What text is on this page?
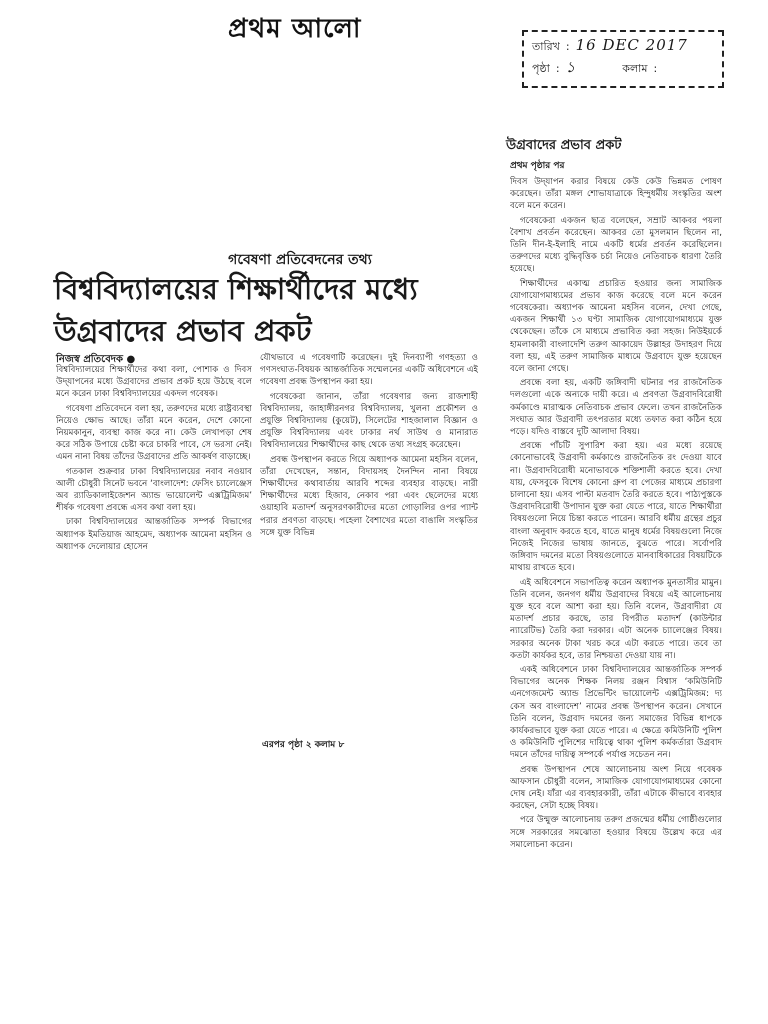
প্রথম আলো
তারিখ : 16 DEC 2017
পৃষ্ঠা : ১	কলাম :
গবেষণা প্রতিবেদনের তথ্য
বিশ্ববিদ্যালয়ের শিক্ষার্থীদের মধ্যে উগ্রবাদের প্রভাব প্রকট
নিজস্ব প্রতিবেদক ●

বিশ্ববিদ্যালয়ের শিক্ষার্থীদের কথা বলা, পোশাক ও দিবস উদ্‌যাপনের মধ্যে উগ্রবাদের প্রভাব প্রকট হয়ে উঠছে বলে মনে করেন ঢাকা বিশ্ববিদ্যালয়ের একদল গবেষক।

গবেষণা প্রতিবেদনে বলা হয়, তরুণদের মধ্যে রাষ্ট্রব্যবস্থা নিয়েও ক্ষোভ আছে। তাঁরা মনে করেন, দেশে কোনো নিয়মকানুন, ব্যবস্থা কাজ করে না। কেউ লেখাপড়া শেষ করে সঠিক উপায়ে চেষ্টা করে চাকরি পাবে, সে ভরসা নেই। এমন নানা বিষয় তাঁদের উগ্রবাদের প্রতি আকর্ষণ বাড়াচ্ছে।

গতকাল শুক্রবার ঢাকা বিশ্ববিদ্যালয়ের নবাব নওয়াব আলী চৌধুরী সিনেট ভবনে ‘বাংলাদেশ: ফেসিং চ্যালেঞ্জেস অব র‍্যাডিকালাইজেশন অ্যান্ড ভায়োলেন্ট এক্সট্রিমিজম’ শীর্ষক গবেষণা প্রবন্ধে এসব কথা বলা হয়।

ঢাকা বিশ্ববিদ্যালয়ের আন্তর্জাতিক সম্পর্ক বিভাগের অধ্যাপক ইমতিয়াজ আহমেদ, অধ্যাপক আমেনা মহসিন ও অধ্যাপক দেলোয়ার হোসেন

যৌথভাবে এ গবেষণাটি করেছেন। দুই দিনব্যাপী গণহত্যা ও গণসংঘাত-বিষয়ক আন্তর্জাতিক সম্মেলনের একটি অধিবেশনে এই গবেষণা প্রবন্ধ উপস্থাপন করা হয়।

গবেষকেরা জানান, তাঁরা গবেষণার জন্য রাজশাহী বিশ্ববিদ্যালয়, জাহাঙ্গীরনগর বিশ্ববিদ্যালয়, খুলনা প্রকৌশল ও প্রযুক্তি বিশ্ববিদ্যালয় (কুয়েট), সিলেটের শাহজালাল বিজ্ঞান ও প্রযুক্তি বিশ্ববিদ্যালয় এবং ঢাকার নর্থ সাউথ ও মানারাত বিশ্ববিদ্যালয়ের শিক্ষার্থীদের কাছ থেকে তথ্য সংগ্রহ করেছেন।

প্রবন্ধ উপস্থাপন করতে গিয়ে অধ্যাপক আমেনা মহসিন বলেন, তাঁরা দেখেছেন, সন্তান, বিদায়সহ দৈনন্দিন নানা বিষয়ে শিক্ষার্থীদের কথাবার্তায় আরবি শব্দের ব্যবহার বাড়ছে। নারী শিক্ষার্থীদের মধ্যে হিজাব, নেকাব পরা এবং ছেলেদের মধ্যে ওয়াহাবি মতাদর্শ অনুসরণকারীদের মতো গোড়ালির ওপর প্যান্ট পরার প্রবণতা বাড়ছে। পহেলা বৈশাখের মতো বাঙালি সংস্কৃতির সঙ্গে যুক্ত বিভিন্ন

এরপর পৃষ্ঠা ২ কলাম ৮
উগ্রবাদের প্রভাব প্রকট
প্রথম পৃষ্ঠার পর

দিবস উদ্‌যাপন করার বিষয়ে কেউ কেউ ভিন্নমত পোষণ করেছেন। তাঁরা মঙ্গল শোভাযাত্রাকে হিন্দুধর্মীয় সংস্কৃতির অংশ বলে মনে করেন।

গবেষকেরা একজন ছাত্র বলেছেন, সম্রাট আকবর পয়লা বৈশাখ প্রবর্তন করেছেন। আকবর তো মুসলমান ছিলেন না, তিনি দীন-ই-ইলাহি নামে একটি ধর্মের প্রবর্তন করেছিলেন। তরুণদের মধ্যে বুদ্ধিবৃত্তিক চর্চা নিয়েও নেতিবাচক ধারণা তৈরি হয়েছে।

শিক্ষার্থীদের একাত্ম প্রচারিত হওয়ার জন্য সামাজিক যোগাযোগমাধ্যমের প্রভাব কাজ করেছে বলে মনে করেন গবেষকেরা। অধ্যাপক আমেনা মহসিন বলেন, দেখা গেছে, একজন শিক্ষার্থী ১৩ ঘণ্টা সামাজিক যোগাযোগমাধ্যমে যুক্ত থেকেছেন। তাঁকে সে মাধ্যমে প্রভাবিত করা সহজ। নিউইয়র্কে হামলাকারী বাংলাদেশি তরুণ আকায়েদ উল্লাহর উদাহরণ দিয়ে বলা হয়, এই তরুণ সামাজিক মাধ্যমে উগ্রবাদে যুক্ত হয়েছেন বলে জানা গেছে।

প্রবন্ধে বলা হয়, একটি জঙ্গিবাদী ঘটনার পর রাজনৈতিক দলগুলো একে অন্যকে দায়ী করে। এ প্রবণতা উগ্রবাদবিরোধী কর্মকাণ্ডে মারাত্মক নেতিবাচক প্রভাব ফেলে। তখন রাজনৈতিক সংঘাত আর উগ্রবাদী তৎপরতার মধ্যে তফাত করা কঠিন হয়ে পড়ে। যদিও বাস্তবে দুটি আলাদা বিষয়।

প্রবন্ধে পাঁচটি সুপারিশ করা হয়। এর মধ্যে রয়েছে কোনোভাবেই উগ্রবাদী কর্মকাণ্ডে রাজনৈতিক রং দেওয়া যাবে না। উগ্রবাদবিরোধী মনোভাবকে শক্তিশালী করতে হবে। দেখা যায়, ফেসবুকে বিশেষ কোনো গ্রুপ বা পেজের মাধ্যমে প্রচারণা চালানো হয়। এসব পাল্টা মতবাদ তৈরি করতে হবে। পাঠ্যপুস্তকে উগ্রবাদবিরোধী উপাদান যুক্ত করা যেতে পারে, যাতে শিক্ষার্থীরা বিষয়গুলো নিয়ে চিন্তা করতে পারেন। আরবি ধর্মীয় গ্রন্থের প্রচুর বাংলা অনুবাদ করতে হবে, যাতে মানুষ ধর্মের বিষয়গুলো নিজে নিজেই নিজের ভাষায় জানতে, বুঝতে পারে। সর্বোপরি জঙ্গিবাদ দমনের মতো বিষয়গুলোতে মানবাধিকারের বিষয়টিকে মাথায় রাখতে হবে।

এই অধিবেশনে সভাপতিত্ব করেন অধ্যাপক মুনতাসীর মামুন। তিনি বলেন, জনগণ ধর্মীয় উগ্রবাদের বিষয়ে এই আলোচনায় যুক্ত হবে বলে আশা করা হয়। তিনি বলেন, উগ্রবাদীরা যে মতাদর্শ প্রচার করছে, তার বিপরীত মতাদর্শ (কাউন্টার ন্যারেটিভ) তৈরি করা দরকার। এটা অনেক চ্যালেঞ্জের বিষয়। সরকার অনেক টাকা খরচ করে এটা করতে পারে। তবে তা কতটা কার্যকর হবে, তার নিশ্চয়তা দেওয়া যায় না।

একই অধিবেশনে ঢাকা বিশ্ববিদ্যালয়ের আন্তর্জাতিক সম্পর্ক বিভাগের অনেক শিক্ষক নিলয় রঞ্জন বিশ্বাস ‘কমিউনিটি এনগেজমেন্ট অ্যান্ড প্রিভেন্টিং ভায়োলেন্ট এক্সট্রিমিজম: দ্য কেস অব বাংলাদেশ’ নামের প্রবন্ধ উপস্থাপন করেন। সেখানে তিনি বলেন, উগ্রবাদ দমনের জন্য সমাজের বিভিন্ন ধাপকে কার্যকরভাবে যুক্ত করা যেতে পারে। এ ক্ষেত্রে কমিউনিটি পুলিশ ও কমিউনিটি পুলিশের দায়িত্বে থাকা পুলিশ কর্মকর্তারা উগ্রবাদ দমনে তাঁদের দায়িত্ব সম্পর্কে পর্যাপ্ত সচেতন নন।

প্রবন্ধ উপস্থাপন শেষে আলোচনায় অংশ নিয়ে গবেষক আফসান চৌধুরী বলেন, সামাজিক যোগাযোগমাধ্যমের কোনো দোষ নেই। যাঁরা এর ব্যবহারকারী, তাঁরা এটাকে কীভাবে ব্যবহার করছেন, সেটা হচ্ছে বিষয়।

পরে উন্মুক্ত আলোচনায় তরুণ প্রজন্মের ধর্মীয় গোষ্ঠীগুলোর সঙ্গে সরকারের সমঝোতা হওয়ার বিষয়ে উল্লেখ করে এর সমালোচনা করেন।
